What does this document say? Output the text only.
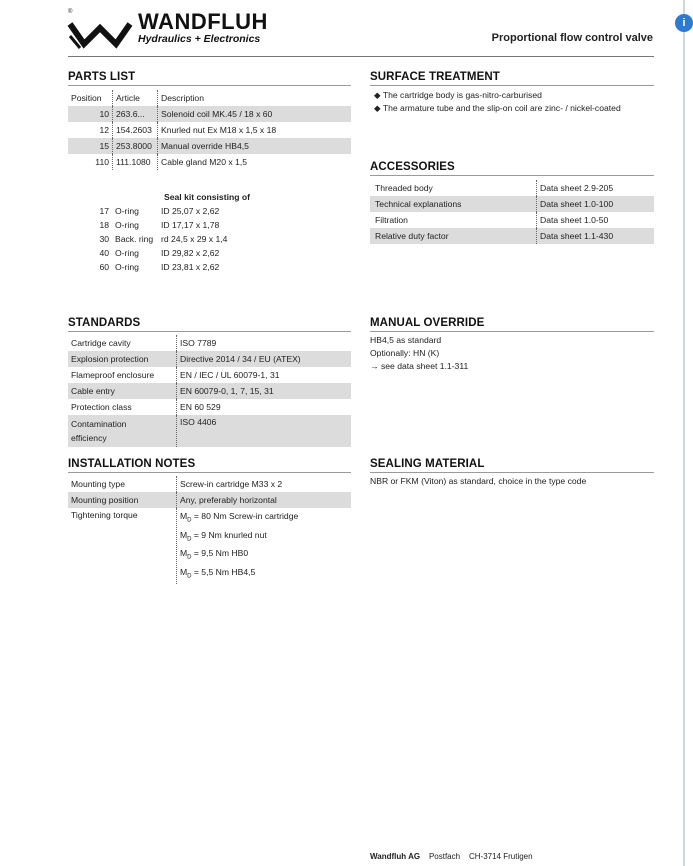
i
®	WANDFLUH
Hydraulics + Electronics	Proportional flow control valve
PARTS LIST
Position	Article	Description
10	263.6...	Solenoid coil MK.45 / 18 x 60
12	154.2603	Knurled nut Ex M18 x 1,5 x 18
15	253.8000	Manual override HB4,5
110	111.1080	Cable gland M20 x 1,5
Seal kit consisting of
17	O-ring	ID 25,07 x 2,62
18	O-ring	ID 17,17 x 1,78
30	Back. ring	rd 24,5 x 29 x 1,4
40	O-ring	ID 29,82 x 2,62
60	O-ring	ID 23,81 x 2,62
SURFACE TREATMENT
◆ The cartridge body is gas-nitro-carburised
◆ The armature tube and the slip-on coil are zinc- / nickel-coated
ACCESSORIES
Threaded body	Data sheet 2.9-205
Technical explanations	Data sheet 1.0-100
Filtration	Data sheet 1.0-50
Relative duty factor	Data sheet 1.1-430
STANDARDS
Cartridge cavity	ISO 7789
Explosion protection	Directive 2014 / 34 / EU (ATEX)
Flameproof enclosure	EN / IEC / UL 60079-1, 31
Cable entry	EN 60079-0, 1, 7, 15, 31
Protection class	EN 60 529

Contamination
efficiency	ISO 4406
MANUAL OVERRIDE
HB4,5 as standard
Optionally: HN (K)
→ see data sheet 1.1-311
INSTALLATION NOTES
Mounting type	Screw-in cartridge M33 x 2
Mounting position	Any, preferably horizontal
Tightening torque	$M_D = 80$ Nm Screw-in cartridge
$M_D = 9$ Nm knurled nut
$M_D = 9,5$ Nm HB0
$M_D = 5,5$ Nm HB4,5
SEALING MATERIAL
NBR or FKM (Viton) as standard, choice in the type code
Wandfluh AG Postfach CH-3714 Frutigen
